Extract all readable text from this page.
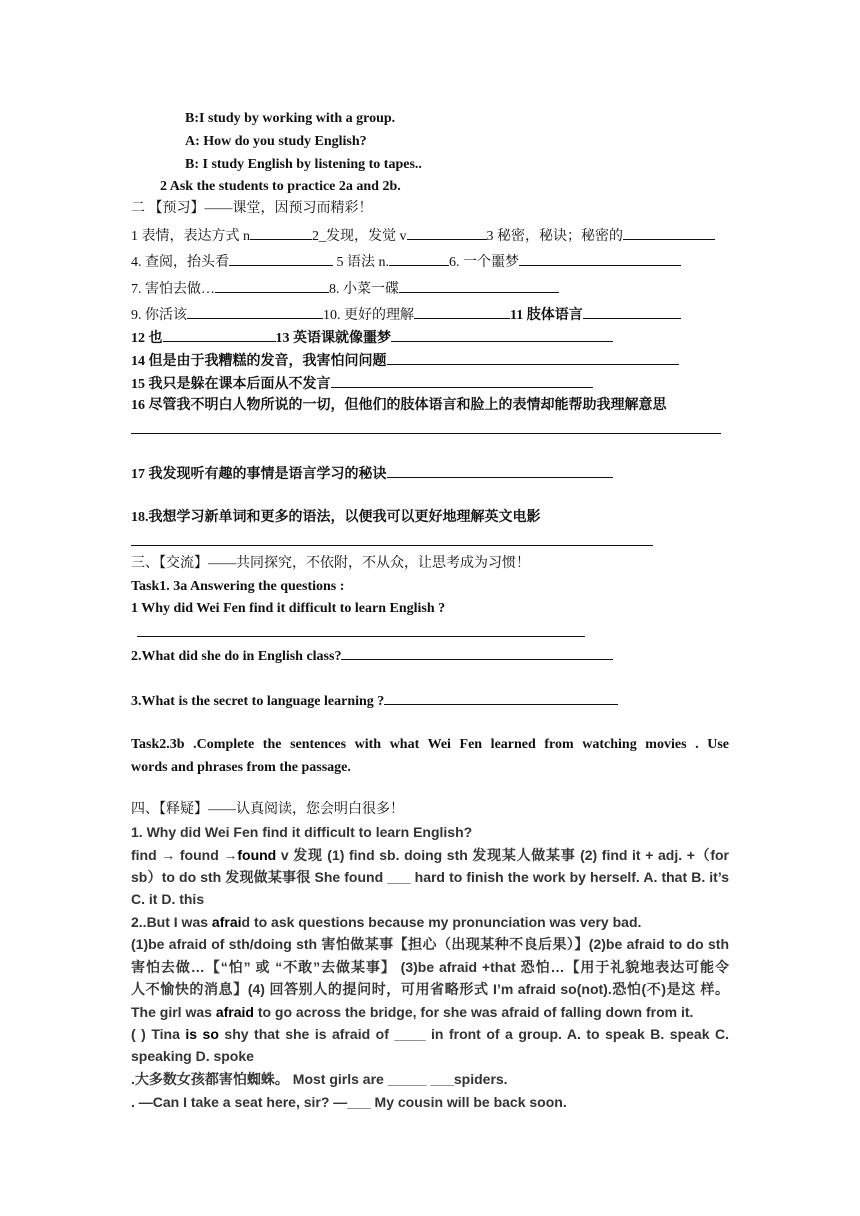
B:I study by working with a group.
A: How do you study English?
B: I study English by listening to tapes..
2 Ask the students to practice 2a and 2b.
二 【预习】——课堂，因预习而精彩！
1 表情，表达方式 n	2_发现，发觉 v	3 秘密，秘诀；秘密的
4. 查阅，抬头看	5 语法 n.	6. 一个噩梦
7. 害怕去做…	8. 小菜一碟
9. 你活该	10. 更好的理解	11 肢体语言
12 也	13 英语课就像噩梦
14 但是由于我糟糕的发音，我害怕问问题
15 我只是躲在课本后面从不发言
16 尽管我不明白人物所说的一切，但他们的肢体语言和脸上的表情却能帮助我理解意思
17 我发现听有趣的事情是语言学习的秘诀
18.我想学习新单词和更多的语法，以便我可以更好地理解英文电影
三、【交流】——共同探究，不依附，不从众，让思考成为习惯！
Task1. 3a Answering the questions :
1 Why did Wei Fen find it difficult to learn English ?
2.What did she do in English class?
3.What is the secret to language learning ?
Task2.3b .Complete the sentences with what Wei Fen learned from watching movies . Use
words and phrases from the passage.
四、【释疑】——认真阅读，您会明白很多！
1. Why did Wei Fen find it difficult to learn English?
find → found →found v 发现 (1) find sb. doing sth 发现某人做某事 (2) find it + adj. +（for
sb）to do sth 发现做某事很 She found ___ hard to finish the work by herself. A. that B. it’s
C. it D. this
2..But I was afraid to ask questions because my pronunciation was very bad.
(1)be afraid of sth/doing sth 害怕做某事【担心（出现某种不良后果）】(2)be afraid to do sth
害怕去做…【“怕” 或 “不敢”去做某事】 (3)be afraid +that 恐怕…【用于礼貌地表达可能令
人不愉快的消息】(4) 回答别人的提问时，可用省略形式 I’m afraid so(not).恐怕(不)是这 样。
The girl was afraid to go across the bridge, for she was afraid of falling down from it.
( ) Tina is so shy that she is afraid of ____ in front of a group. A. to speak B. speak C.
speaking D. spoke
.大多数女孩都害怕蜘蛛。 Most girls are _____ ___spiders.
. —Can I take a seat here, sir? —___ My cousin will be back soon.
